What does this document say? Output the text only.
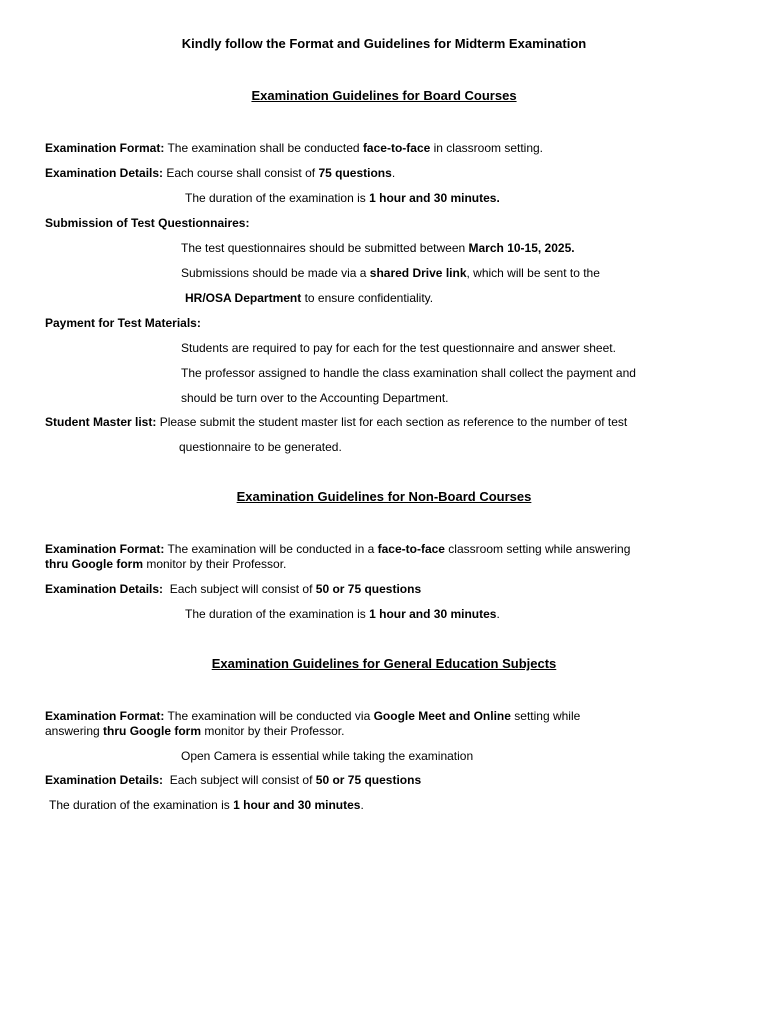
Kindly follow the Format and Guidelines for Midterm Examination
Examination Guidelines for Board Courses
Examination Format: The examination shall be conducted face-to-face in classroom setting.
Examination Details: Each course shall consist of 75 questions.
The duration of the examination is 1 hour and 30 minutes.
Submission of Test Questionnaires:
The test questionnaires should be submitted between March 10-15, 2025.
Submissions should be made via a shared Drive link, which will be sent to the
HR/OSA Department to ensure confidentiality.
Payment for Test Materials:
Students are required to pay for each for the test questionnaire and answer sheet.
The professor assigned to handle the class examination shall collect the payment and
should be turn over to the Accounting Department.
Student Master list: Please submit the student master list for each section as reference to the number of test
questionnaire to be generated.
Examination Guidelines for Non-Board Courses
Examination Format: The examination will be conducted in a face-to-face classroom setting while answering
thru Google form monitor by their Professor.
Examination Details:  Each subject will consist of 50 or 75 questions
The duration of the examination is 1 hour and 30 minutes.
Examination Guidelines for General Education Subjects
Examination Format: The examination will be conducted via Google Meet and Online setting while
answering thru Google form monitor by their Professor.
Open Camera is essential while taking the examination
Examination Details:  Each subject will consist of 50 or 75 questions
The duration of the examination is 1 hour and 30 minutes.
